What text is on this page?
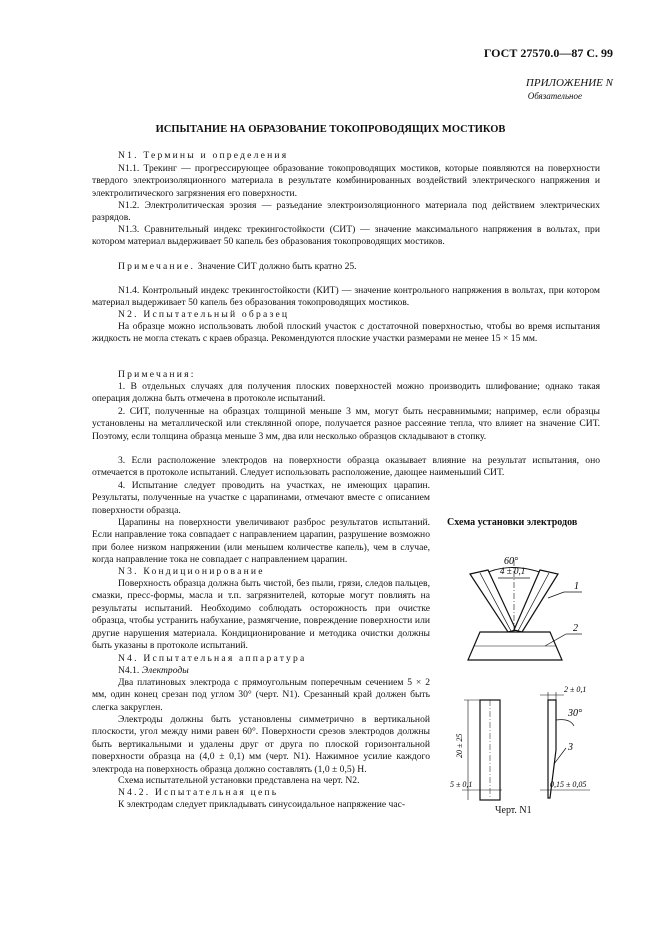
ГОСТ 27570.0—87 С. 99
ПРИЛОЖЕНИЕ N
Обязательное
ИСПЫТАНИЕ НА ОБРАЗОВАНИЕ ТОКОПРОВОДЯЩИХ МОСТИКОВ

N1. Термины и определения

N1.1. Трекинг — прогрессирующее образование токопроводящих мостиков, которые появляются на поверхности твердого электроизоляционного материала в результате комбинированных воздействий электрического напряжения и электролитического загрязнения его поверхности.

N1.2. Электролитическая эрозия — разъедание электроизоляционного материала под действием электрических разрядов.

N1.3. Сравнительный индекс трекингостойкости (СИТ) — значение максимального напряжения в вольтах, при котором материал выдерживает 50 капель без образования токопроводящих мостиков.

Примечание. Значение СИТ должно быть кратно 25.

N1.4. Контрольный индекс трекингостойкости (КИТ) — значение контрольного напряжения в вольтах, при котором материал выдерживает 50 капель без образования токопроводящих мостиков.

N2. Испытательный образец

На образце можно использовать любой плоский участок с достаточной поверхностью, чтобы во время испытания жидкость не могла стекать с краев образца. Рекомендуются плоские участки размерами не менее 15 × 15 мм.

Примечания:

1. В отдельных случаях для получения плоских поверхностей можно производить шлифование; однако такая операция должна быть отмечена в протоколе испытаний.

2. СИТ, полученные на образцах толщиной меньше 3 мм, могут быть несравнимыми; например, если образцы установлены на металлической или стеклянной опоре, получается разное рассеяние тепла, что влияет на значение СИТ. Поэтому, если толщина образца меньше 3 мм, два или несколько образцов складывают в стопку.

3. Если расположение электродов на поверхности образца оказывает влияние на результат испытания, оно отмечается в протоколе испытаний. Следует использовать расположение, дающее наименьший СИТ.

4. Испытание следует проводить на участках, не имеющих царапин. Результаты, полученные на участке с царапинами, отмечают вместе с описанием поверхности образца.

Царапины на поверхности увеличивают разброс результатов испытаний. Если направление тока совпадает с направлением царапин, разрушение возможно при более низком напряжении (или меньшем количестве капель), чем в случае, когда направление тока не совпадает с направлением царапин.

N3. Кондиционирование

Поверхность образца должна быть чистой, без пыли, грязи, следов пальцев, смазки, пресс-формы, масла и т.п. загрязнителей, которые могут повлиять на результаты испытаний. Необходимо соблюдать осторожность при очистке образца, чтобы устранить набухание, размягчение, повреждение поверхности или другие нарушения материала. Кондиционирование и методика очистки должны быть указаны в протоколе испытаний.

N4. Испытательная аппаратура

N4.1. Электроды

Два платиновых электрода с прямоугольным поперечным сечением 5 × 2 мм, один конец срезан под углом 30° (черт. N1). Срезанный край должен быть слегка закруглен.

Электроды должны быть установлены симметрично в вертикальной плоскости, угол между ними равен 60°. Поверхности срезов электродов должны быть вертикальными и удалены друг от друга по плоской горизонтальной поверхности образца на (4,0 ± 0,1) мм (черт. N1). Нажимное усилие каждого электрода на поверхность образца должно составлять (1,0 ± 0,5) Н.

Схема испытательной установки представлена на черт. N2.

N4.2. Испытательная цепь

К электродам следует прикладывать синусоидальное напряжение час-

Схема установки электродов
60°
4 ± 0,1
1
2
20 ± 25
5 ± 0,1
2 ± 0,1
30°
3
0,15 ± 0,05
Черт. N1
